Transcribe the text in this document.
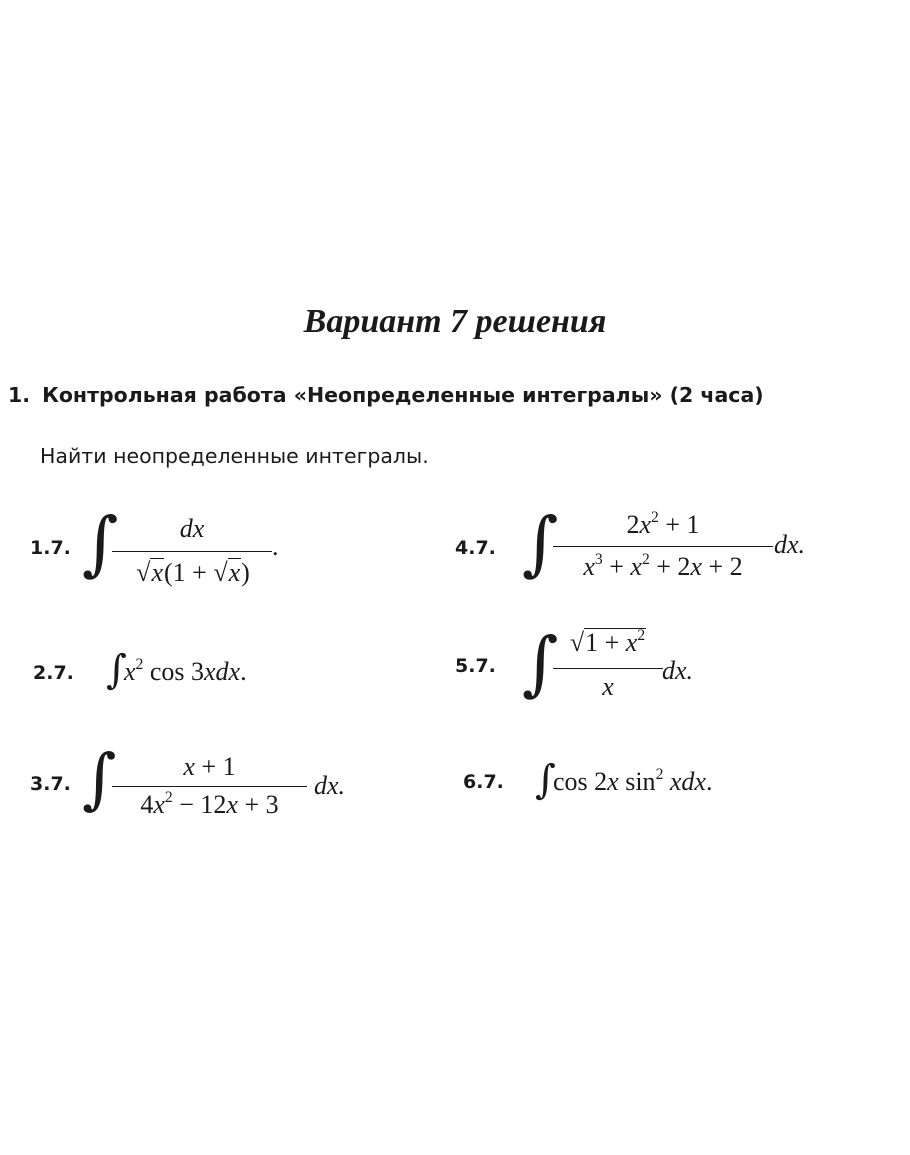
Вариант 7 решения
1. Контрольная работа «Неопределенные интегралы» (2 часа)
Найти неопределенные интегралы.
1.7. ∫	dx
√x(1 + √x)
.
2.7. ∫
$x^2$ cos 3xdx.
3.7. ∫	x + 1
$4x^2 - 12x + 3$
dx.
4.7. ∫	$2x^2 + 1$
$x^3 + x^2 + 2x + 2$
dx.
5.7. ∫ $√1 + x^2$
x
dx.
6.7. ∫
cos 2x $\sin^2$ xdx.
